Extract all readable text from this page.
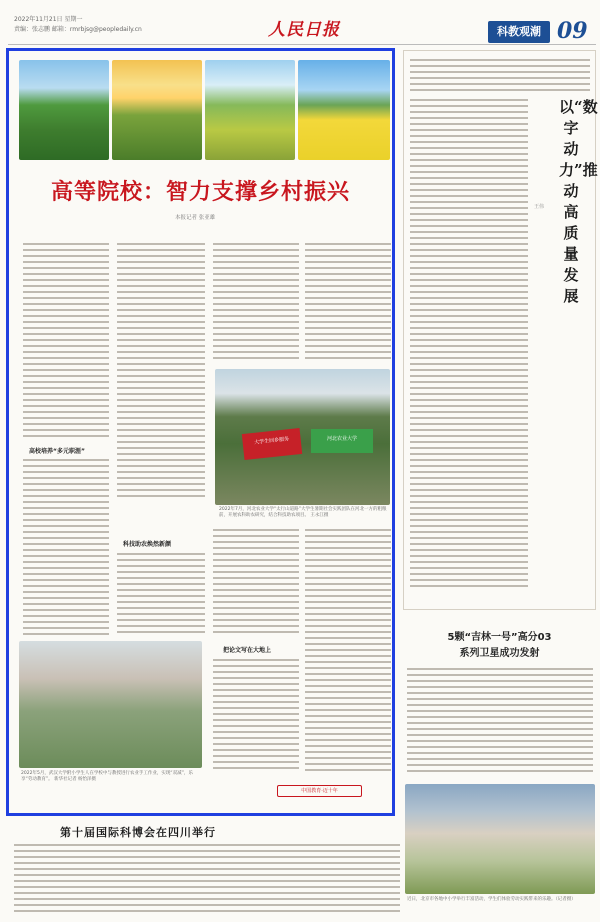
2022年11月21日 星期一
责编：张志鹏 邮箱：rmrbjsg@peopledaily.cn	人民日报	科教观潮 09
高等院校：智力支撑乡村振兴
本报记者 张亚雄
高校培养“多元职涯”
科技助农焕然新颜
大学生回乡服务	河北农业大学
2022年7月，河北农业大学“太行山道路”大学生暑期社会实践团队在河北一方的粗粮前，开展农科助农研究，结合科技助农项目。 王永江摄
把论文写在大地上
2022年5月，武汉大学附小学生人在学校中与教授进行农业手工作业，实现“双减”，乐享“劳动教育”。 新华社记者 杨怡泽摄
中国教育·迈十年
以“数字动力”推动高质量发展
王伟
5颗“吉林一号”高分03
系列卫星成功发射
近日，北京市各地中小学举行丰富活动，学生们体验劳动实践带来的乐趣。（记者摄）
第十届国际科博会在四川举行
